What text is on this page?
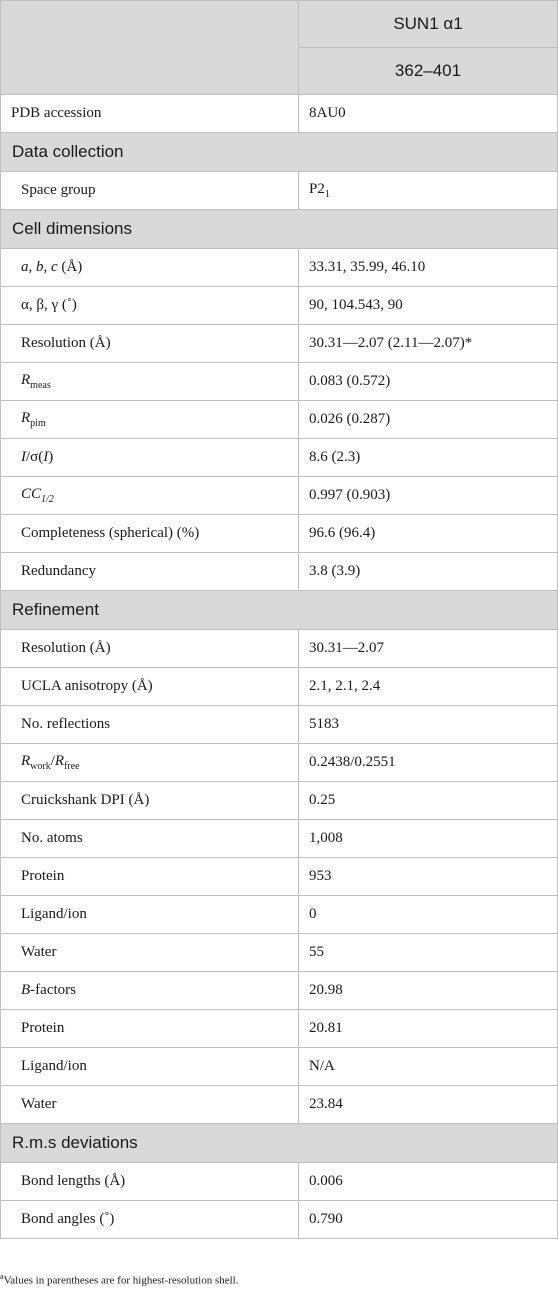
	SUN1 α1
	362–401
PDB accession	8AU0
Data collection	
Space group	$P2_1$
Cell dimensions	
a, b, c (Å)	33.31, 35.99, 46.10
α, β, γ (˚)	90, 104.543, 90
Resolution (Å)	30.31—2.07 (2.11—2.07)*
$R_{meas}$	0.083 (0.572)
$R_{pim}$	0.026 (0.287)
I/σ(I)	8.6 (2.3)
$CC_{1/2}$	0.997 (0.903)
Completeness (spherical) (%)	96.6 (96.4)
Redundancy	3.8 (3.9)
Refinement	
Resolution (Å)	30.31—2.07
UCLA anisotropy (Å)	2.1, 2.1, 2.4
No. reflections	5183
$R_{work}/R_{free}$	0.2438/0.2551
Cruickshank DPI (Å)	0.25
No. atoms	1,008
Protein	953
Ligand/ion	0
Water	55
B-factors	20.98
Protein	20.81
Ligand/ion	N/A
Water	23.84
R.m.s deviations	
Bond lengths (Å)	0.006
Bond angles (˚)	0.790
$^a$Values in parentheses are for highest-resolution shell.
